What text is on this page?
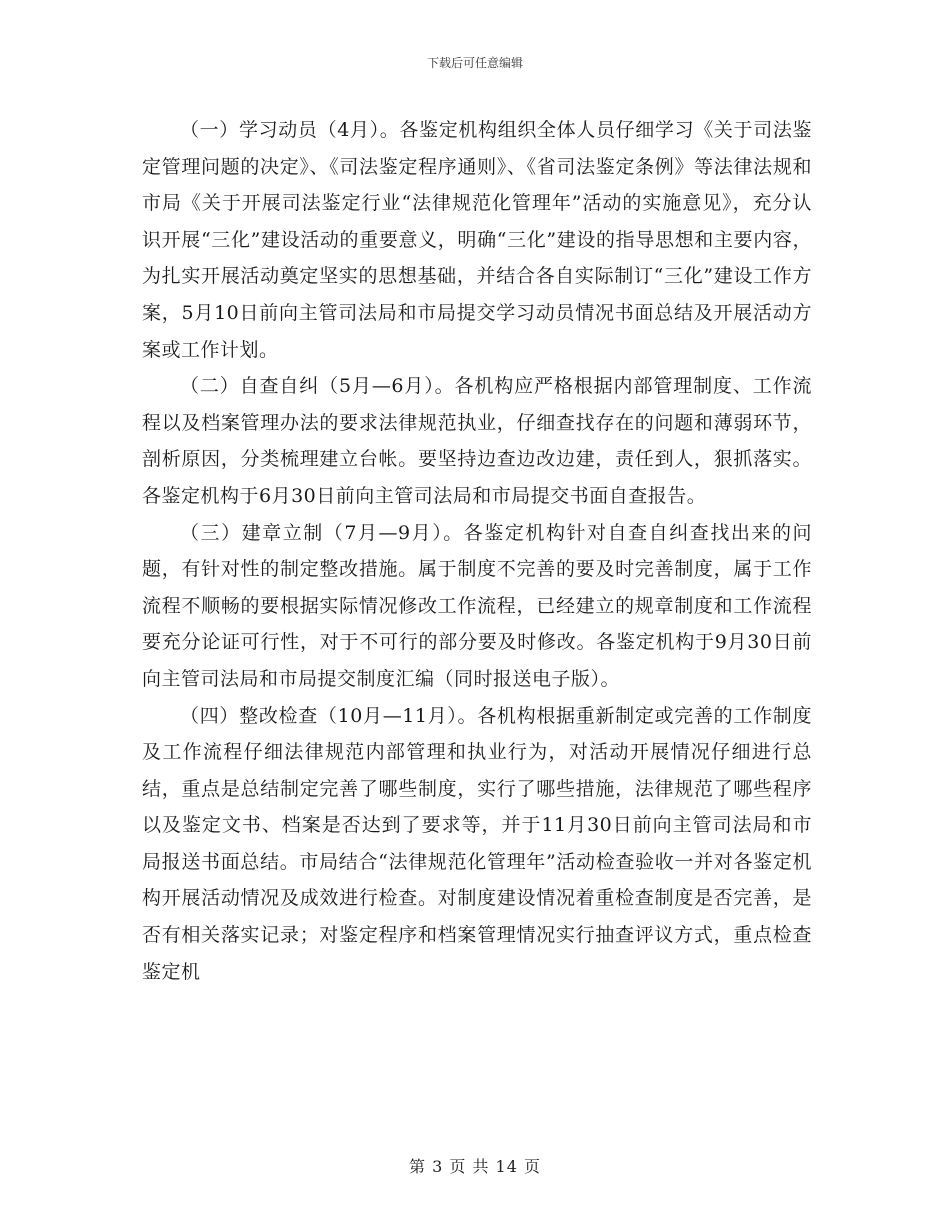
下载后可任意编辑

（一）学习动员（4月）。各鉴定机构组织全体人员仔细学习《关于司法鉴定管理问题的决定》、《司法鉴定程序通则》、《省司法鉴定条例》等法律法规和市局《关于开展司法鉴定行业“法律规范化管理年”活动的实施意见》，充分认识开展“三化”建设活动的重要意义，明确“三化”建设的指导思想和主要内容，为扎实开展活动奠定坚实的思想基础，并结合各自实际制订“三化”建设工作方案，5月10日前向主管司法局和市局提交学习动员情况书面总结及开展活动方案或工作计划。

（二）自查自纠（5月—6月）。各机构应严格根据内部管理制度、工作流程以及档案管理办法的要求法律规范执业，仔细查找存在的问题和薄弱环节，剖析原因，分类梳理建立台帐。要坚持边查边改边建，责任到人，狠抓落实。各鉴定机构于6月30日前向主管司法局和市局提交书面自查报告。

（三）建章立制（7月—9月）。各鉴定机构针对自查自纠查找出来的问题，有针对性的制定整改措施。属于制度不完善的要及时完善制度，属于工作流程不顺畅的要根据实际情况修改工作流程，已经建立的规章制度和工作流程要充分论证可行性，对于不可行的部分要及时修改。各鉴定机构于9月30日前向主管司法局和市局提交制度汇编（同时报送电子版）。

（四）整改检查（10月—11月）。各机构根据重新制定或完善的工作制度及工作流程仔细法律规范内部管理和执业行为，对活动开展情况仔细进行总结，重点是总结制定完善了哪些制度，实行了哪些措施，法律规范了哪些程序以及鉴定文书、档案是否达到了要求等，并于11月30日前向主管司法局和市局报送书面总结。市局结合“法律规范化管理年”活动检查验收一并对各鉴定机构开展活动情况及成效进行检查。对制度建设情况着重检查制度是否完善，是否有相关落实记录；对鉴定程序和档案管理情况实行抽查评议方式，重点检查鉴定机

第 3 页 共 14 页
